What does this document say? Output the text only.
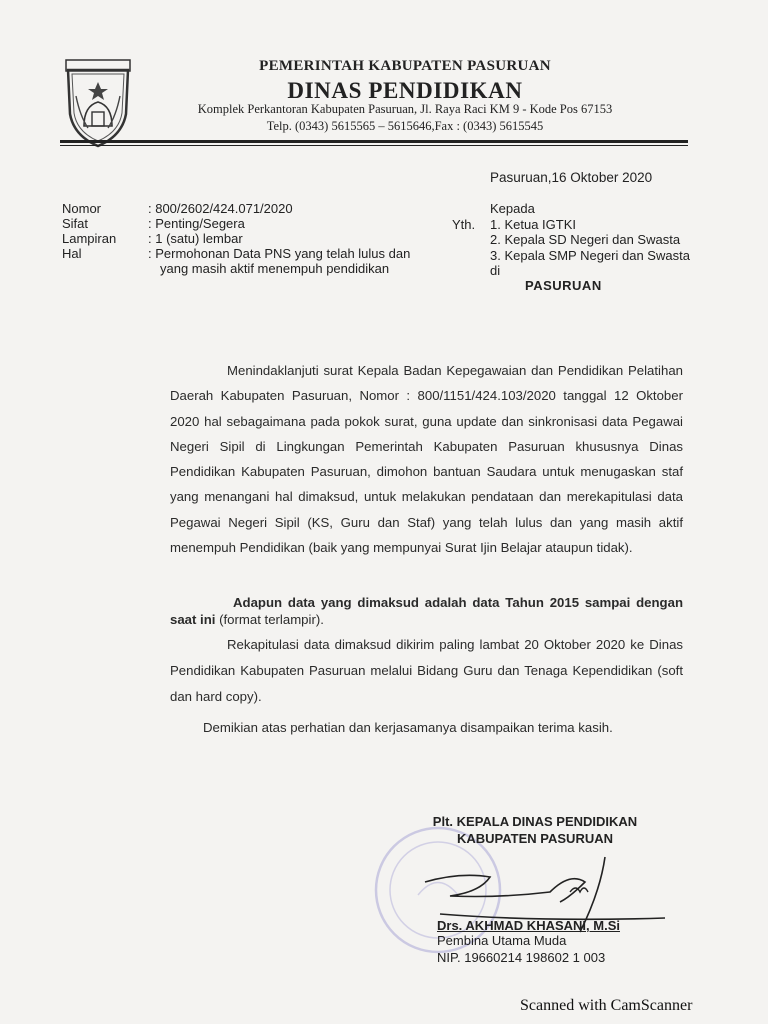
PEMERINTAH KABUPATEN PASURUAN
DINAS PENDIDIKAN
Komplek Perkantoran Kabupaten Pasuruan, Jl. Raya Raci KM 9 - Kode Pos 67153
Telp. (0343) 5615565 – 5615646,Fax : (0343) 5615545
Pasuruan,16 Oktober 2020
Nomor
Sifat
Lampiran
Hal
: 800/2602/424.071/2020
: Penting/Segera
: 1 (satu) lembar
: Permohonan Data PNS yang telah lulus dan
yang masih aktif menempuh pendidikan
Yth.
Kepada
1. Ketua IGTKI
2. Kepala SD Negeri dan Swasta
3. Kepala SMP Negeri dan Swasta
di
PASURUAN
Menindaklanjuti surat Kepala Badan Kepegawaian dan Pendidikan Pelatihan Daerah Kabupaten Pasuruan, Nomor : 800/1151/424.103/2020 tanggal 12 Oktober 2020 hal sebagaimana pada pokok surat, guna update dan sinkronisasi data Pegawai Negeri Sipil di Lingkungan Pemerintah Kabupaten Pasuruan khususnya Dinas Pendidikan Kabupaten Pasuruan, dimohon bantuan Saudara untuk menugaskan staf yang menangani hal dimaksud, untuk melakukan pendataan dan merekapitulasi data Pegawai Negeri Sipil (KS, Guru dan Staf) yang telah lulus dan yang masih aktif menempuh Pendidikan (baik yang mempunyai Surat Ijin Belajar ataupun tidak).
Adapun data yang dimaksud adalah data Tahun 2015 sampai dengan saat ini (format terlampir).
Rekapitulasi data dimaksud dikirim paling lambat 20 Oktober 2020 ke Dinas Pendidikan Kabupaten Pasuruan melalui Bidang Guru dan Tenaga Kependidikan (soft dan hard copy).
Demikian atas perhatian dan kerjasamanya disampaikan terima kasih.
Plt. KEPALA DINAS PENDIDIKAN
KABUPATEN PASURUAN
Drs. AKHMAD KHASANI, M.Si
Pembina Utama Muda
NIP. 19660214 198602 1 003
Scanned with CamScanner
